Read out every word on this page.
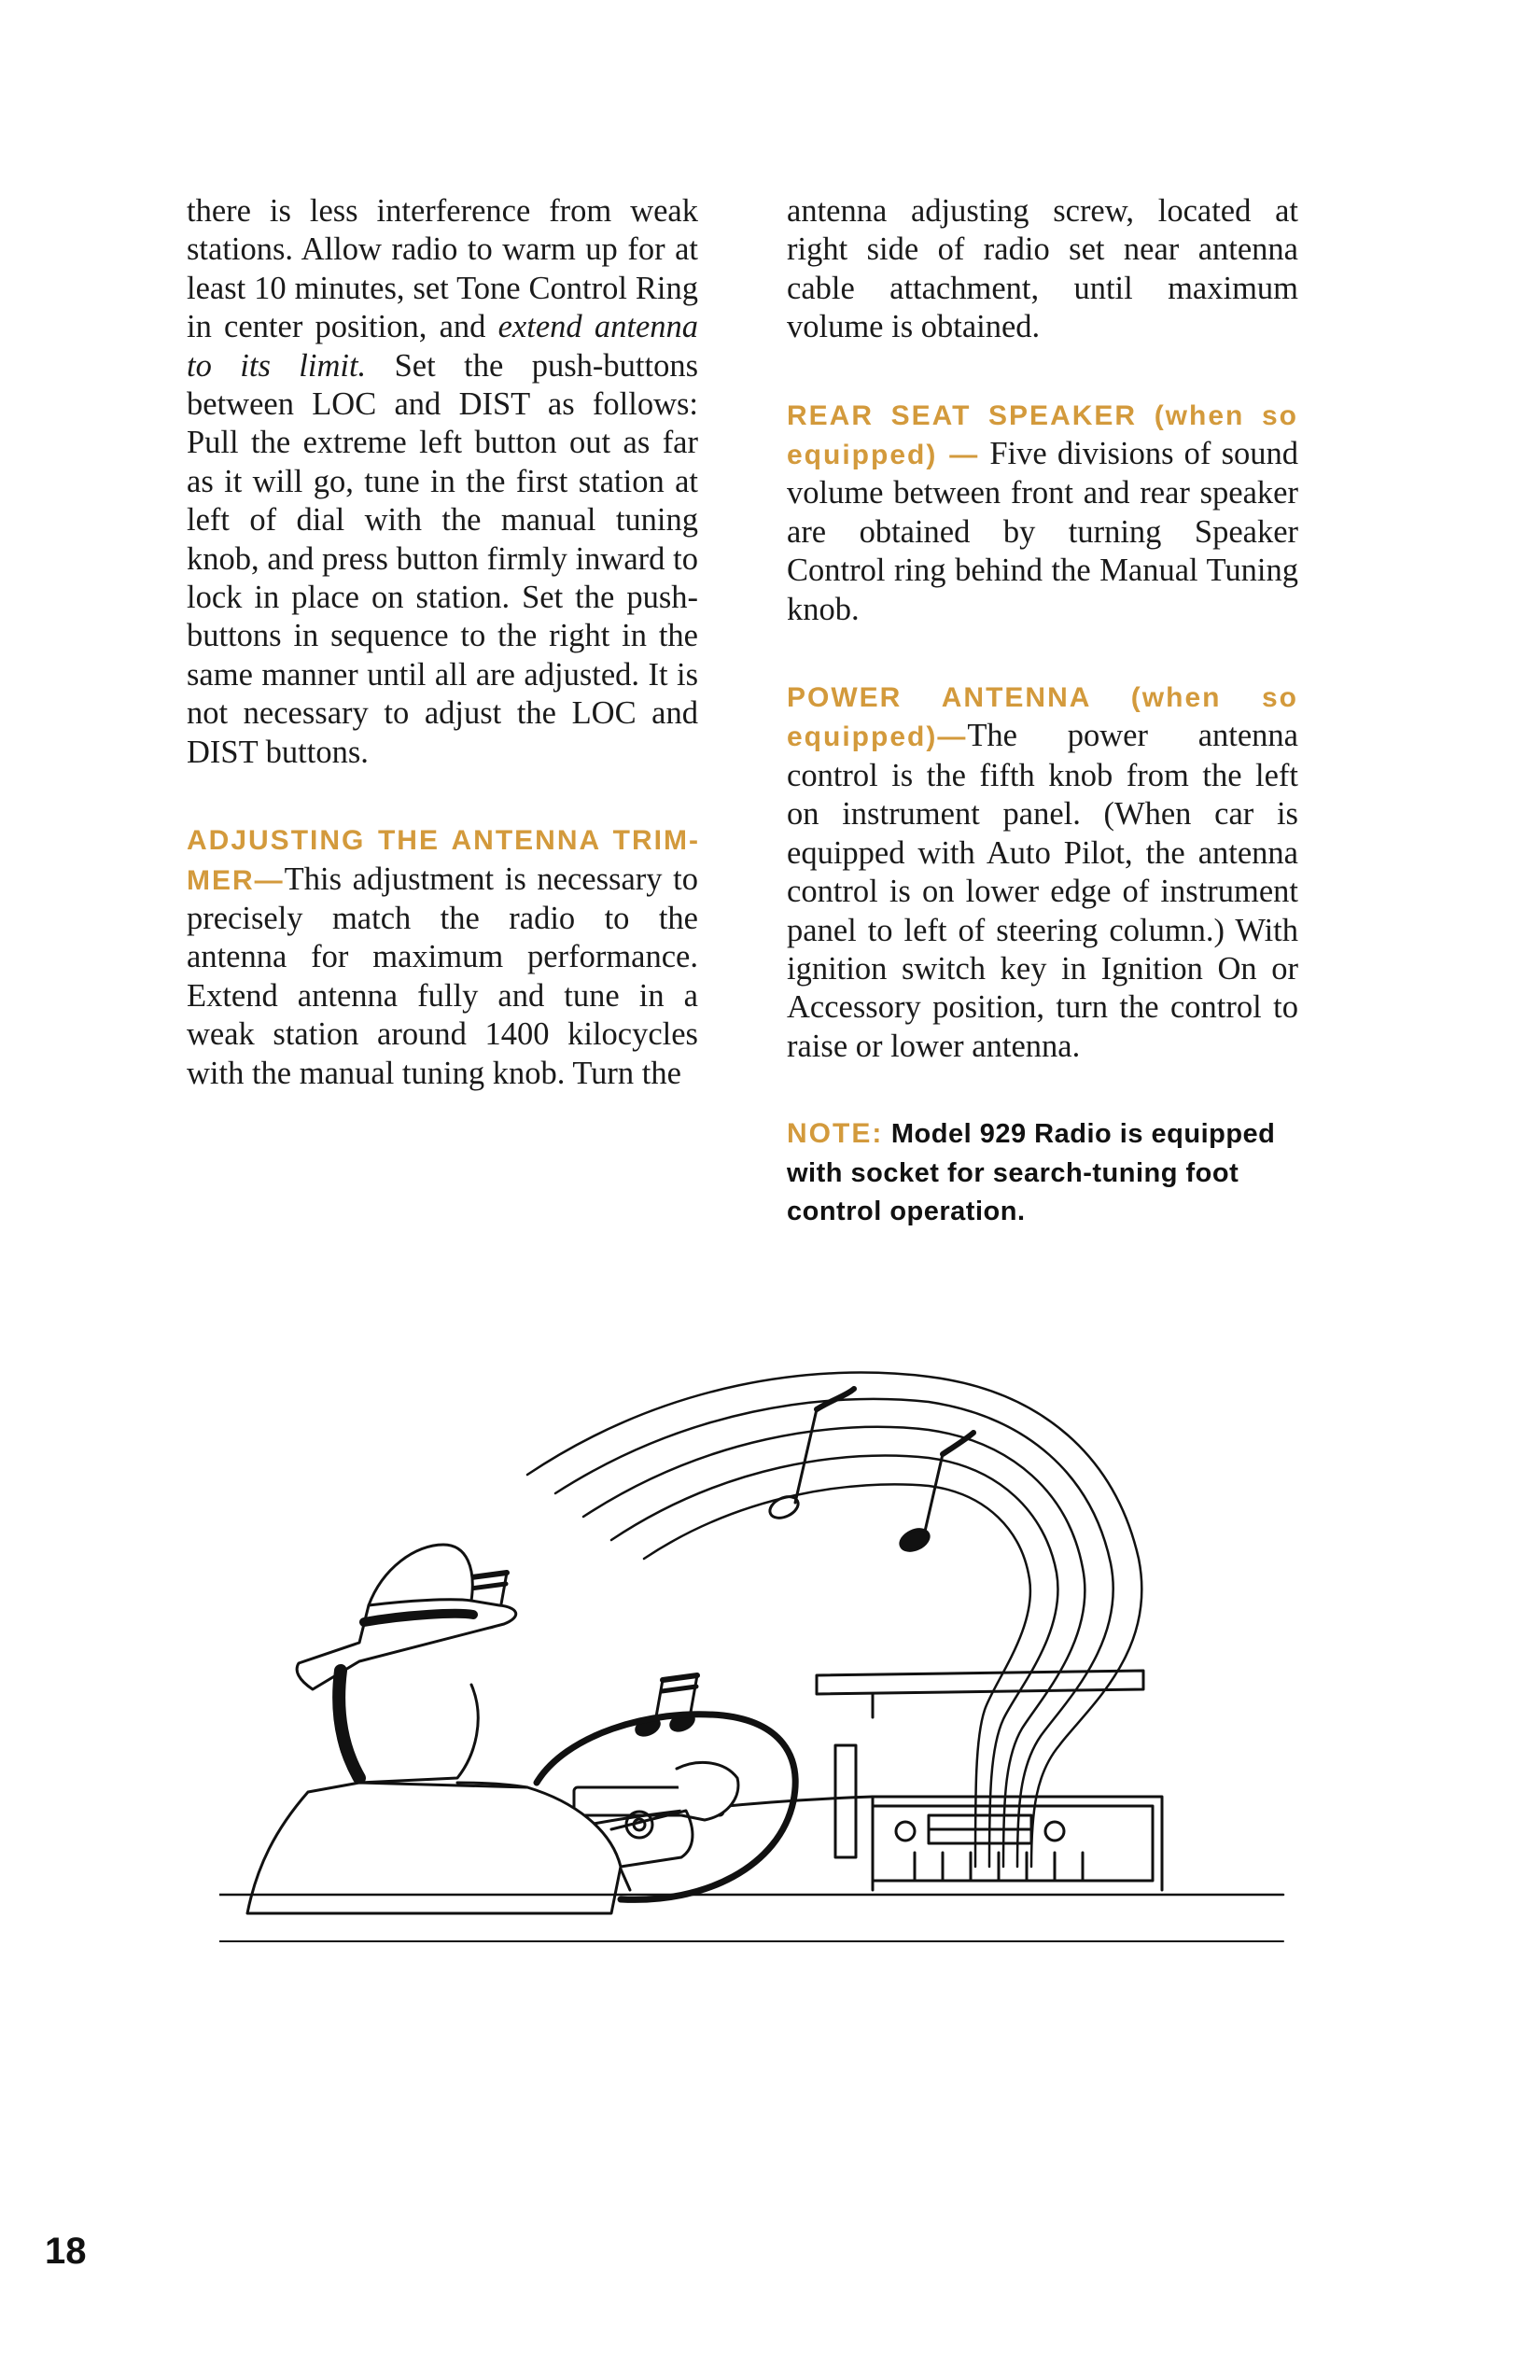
there is less interference from weak stations. Allow radio to warm up for at least 10 minutes, set Tone Control Ring in center position, and extend antenna to its limit. Set the push-buttons between LOC and DIST as follows: Pull the extreme left button out as far as it will go, tune in the first station at left of dial with the manual tuning knob, and press button firmly inward to lock in place on station. Set the push-buttons in sequence to the right in the same manner until all are adjusted. It is not necessary to adjust the LOC and DIST buttons.

ADJUSTING THE ANTENNA TRIMMER—This adjustment is necessary to precisely match the radio to the antenna for maximum performance. Extend antenna fully and tune in a weak station around 1400 kilocycles with the manual tuning knob. Turn the

antenna adjusting screw, located at right side of radio set near antenna cable attachment, until maximum volume is obtained.

REAR SEAT SPEAKER (when so equipped) — Five divisions of sound volume between front and rear speaker are obtained by turning Speaker Control ring behind the Manual Tuning knob.

POWER ANTENNA (when so equipped)—The power antenna control is the fifth knob from the left on instrument panel. (When car is equipped with Auto Pilot, the antenna control is on lower edge of instrument panel to left of steering column.) With ignition switch key in Ignition On or Accessory position, turn the control to raise or lower antenna.

NOTE: Model 929 Radio is equipped with socket for search-tuning foot control operation.

18
